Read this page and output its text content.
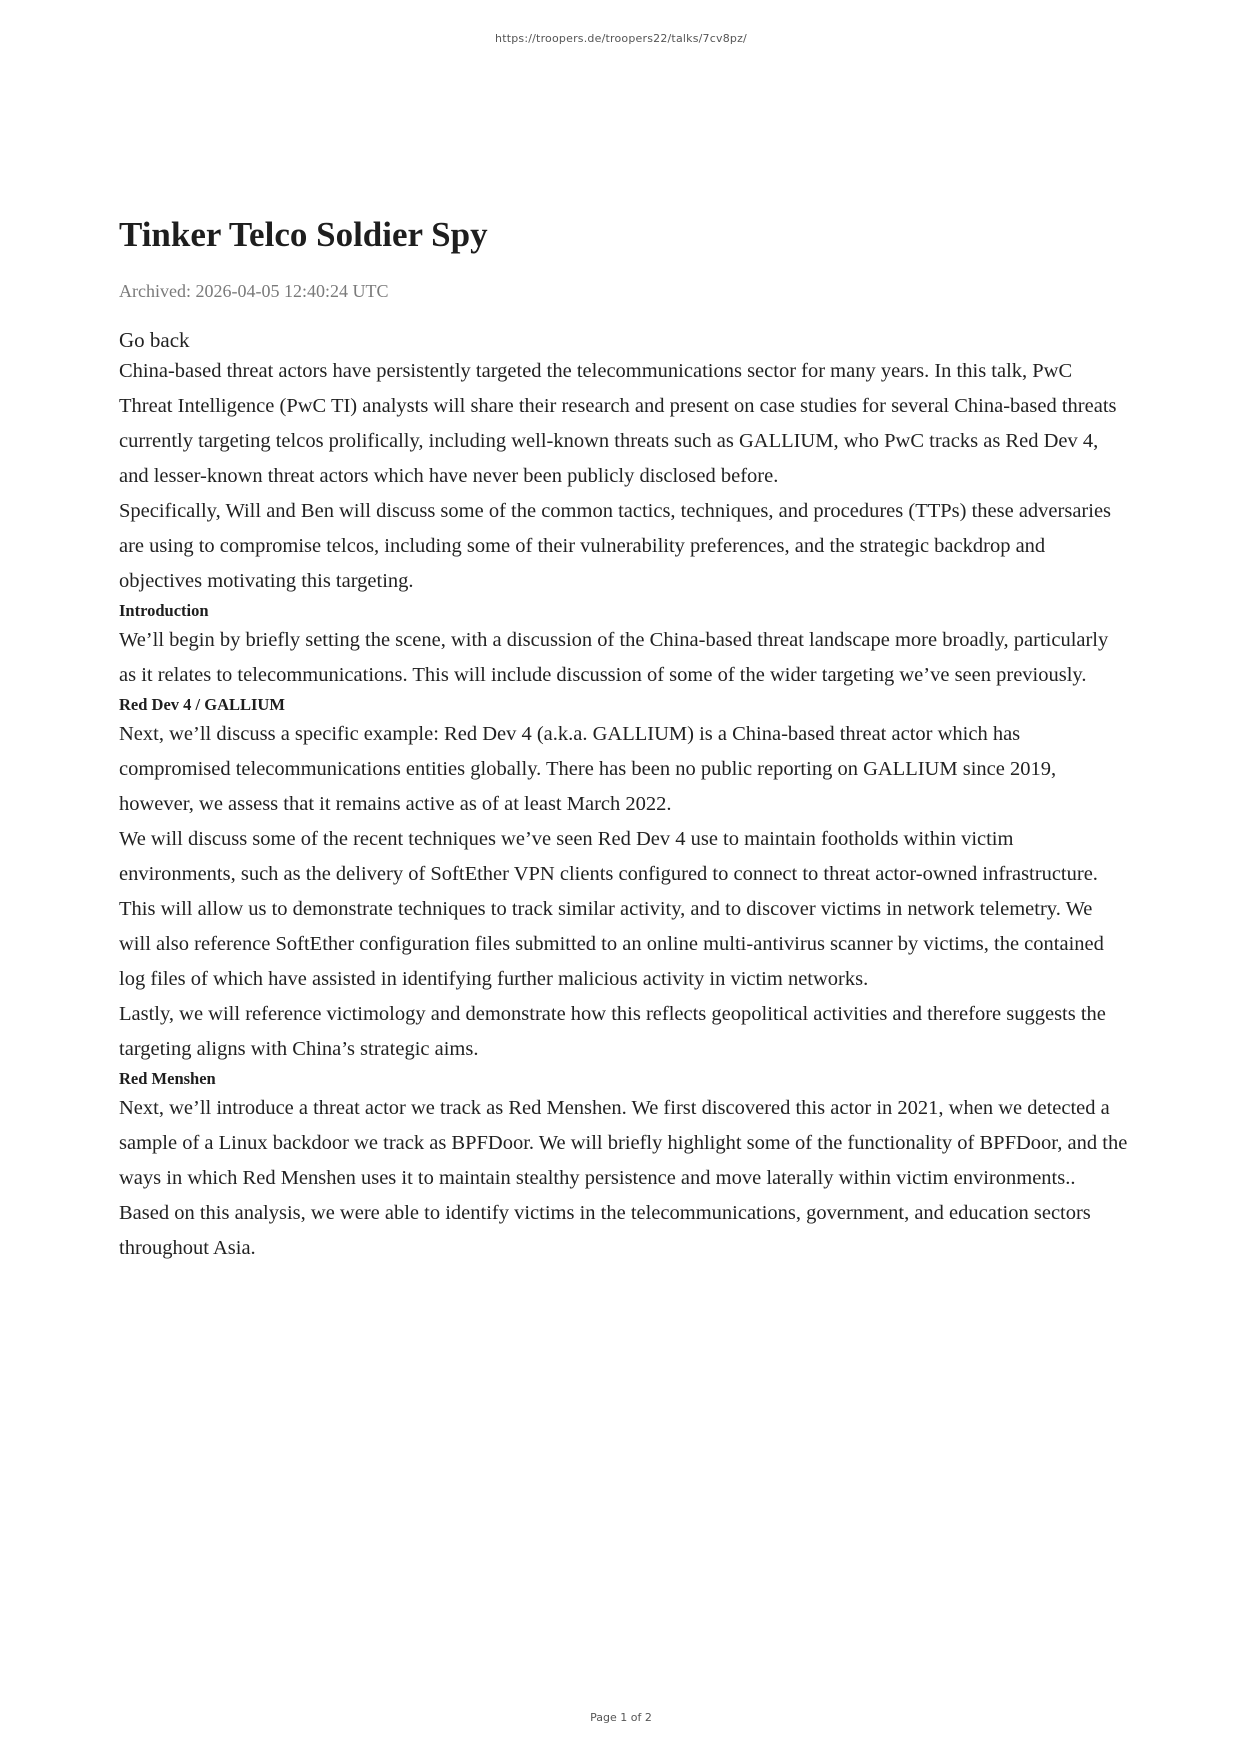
https://troopers.de/troopers22/talks/7cv8pz/
Tinker Telco Soldier Spy
Archived: 2026-04-05 12:40:24 UTC
Go back

China-based threat actors have persistently targeted the telecommunications sector for many years. In this talk, PwC Threat Intelligence (PwC TI) analysts will share their research and present on case studies for several China-based threats currently targeting telcos prolifically, including well-known threats such as GALLIUM, who PwC tracks as Red Dev 4, and lesser-known threat actors which have never been publicly disclosed before.

Specifically, Will and Ben will discuss some of the common tactics, techniques, and procedures (TTPs) these adversaries are using to compromise telcos, including some of their vulnerability preferences, and the strategic backdrop and objectives motivating this targeting.

Introduction

We’ll begin by briefly setting the scene, with a discussion of the China-based threat landscape more broadly, particularly as it relates to telecommunications. This will include discussion of some of the wider targeting we’ve seen previously.

Red Dev 4 / GALLIUM

Next, we’ll discuss a specific example: Red Dev 4 (a.k.a. GALLIUM) is a China-based threat actor which has compromised telecommunications entities globally. There has been no public reporting on GALLIUM since 2019, however, we assess that it remains active as of at least March 2022.

We will discuss some of the recent techniques we’ve seen Red Dev 4 use to maintain footholds within victim environments, such as the delivery of SoftEther VPN clients configured to connect to threat actor-owned infrastructure. This will allow us to demonstrate techniques to track similar activity, and to discover victims in network telemetry. We will also reference SoftEther configuration files submitted to an online multi-antivirus scanner by victims, the contained log files of which have assisted in identifying further malicious activity in victim networks.

Lastly, we will reference victimology and demonstrate how this reflects geopolitical activities and therefore suggests the targeting aligns with China’s strategic aims.

Red Menshen

Next, we’ll introduce a threat actor we track as Red Menshen. We first discovered this actor in 2021, when we detected a sample of a Linux backdoor we track as BPFDoor. We will briefly highlight some of the functionality of BPFDoor, and the ways in which Red Menshen uses it to maintain stealthy persistence and move laterally within victim environments.. Based on this analysis, we were able to identify victims in the telecommunications, government, and education sectors throughout Asia.

Page 1 of 2
